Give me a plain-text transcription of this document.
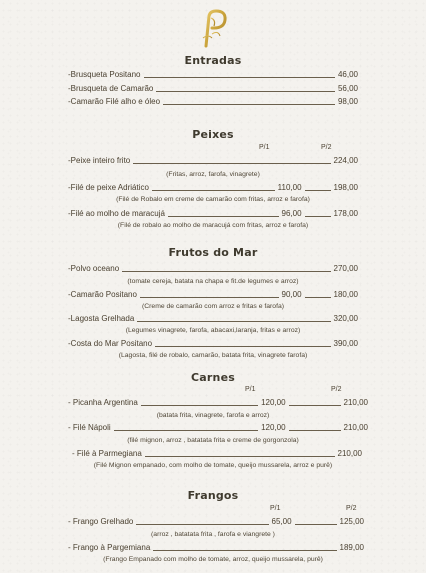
Entradas
-Brusqueta Positano	46,00
-Brusqueta de Camarão	56,00
-Camarão Filé alho e óleo	98,00
Peixes
P/1	P/2
-Peixe inteiro frito	224,00
(Fritas, arroz, farofa, vinagrete)
-Filé de peixe Adriático	110,00	198,00
(Filé de Robalo em creme de camarão com fritas, arroz e farofa)
-Filé ao molho de maracujá	96,00	178,00
(Filé de robalo ao molho de maracujá com fritas, arroz e farofa)
Frutos do Mar
-Polvo oceano	270,00
(tomate cereja, batata na chapa e fit.de legumes e arroz)
-Camarão Positano	90,00	180,00
(Creme de camarão com arroz e fritas e farofa)
-Lagosta Grelhada	320,00
(Legumes vinagrete, farofa, abacaxi,laranja, fritas e arroz)
-Costa do Mar Positano	390,00
(Lagosta, filé de robalo, camarão, batata frita, vinagrete farofa)
Carnes
P/1	P/2
- Picanha Argentina	120,00	210,00
(batata frita, vinagrete, farofa e arroz)
- Filé Nápoli	120,00	210,00
(filé mignon, arroz , batatata frita e creme de gorgonzola)
- Filé à Parmegiana	210,00
(Filé Mignon empanado, com molho de tomate, queijo mussarela, arroz e purê)
Frangos
P/1	P/2
- Frango Grelhado	65,00	125,00
(arroz , batatata frita , farofa e viangrete )
- Frango à Pargemiana	189,00
(Frango Empanado com molho de tomate, arroz, queijo mussarela, purê)
